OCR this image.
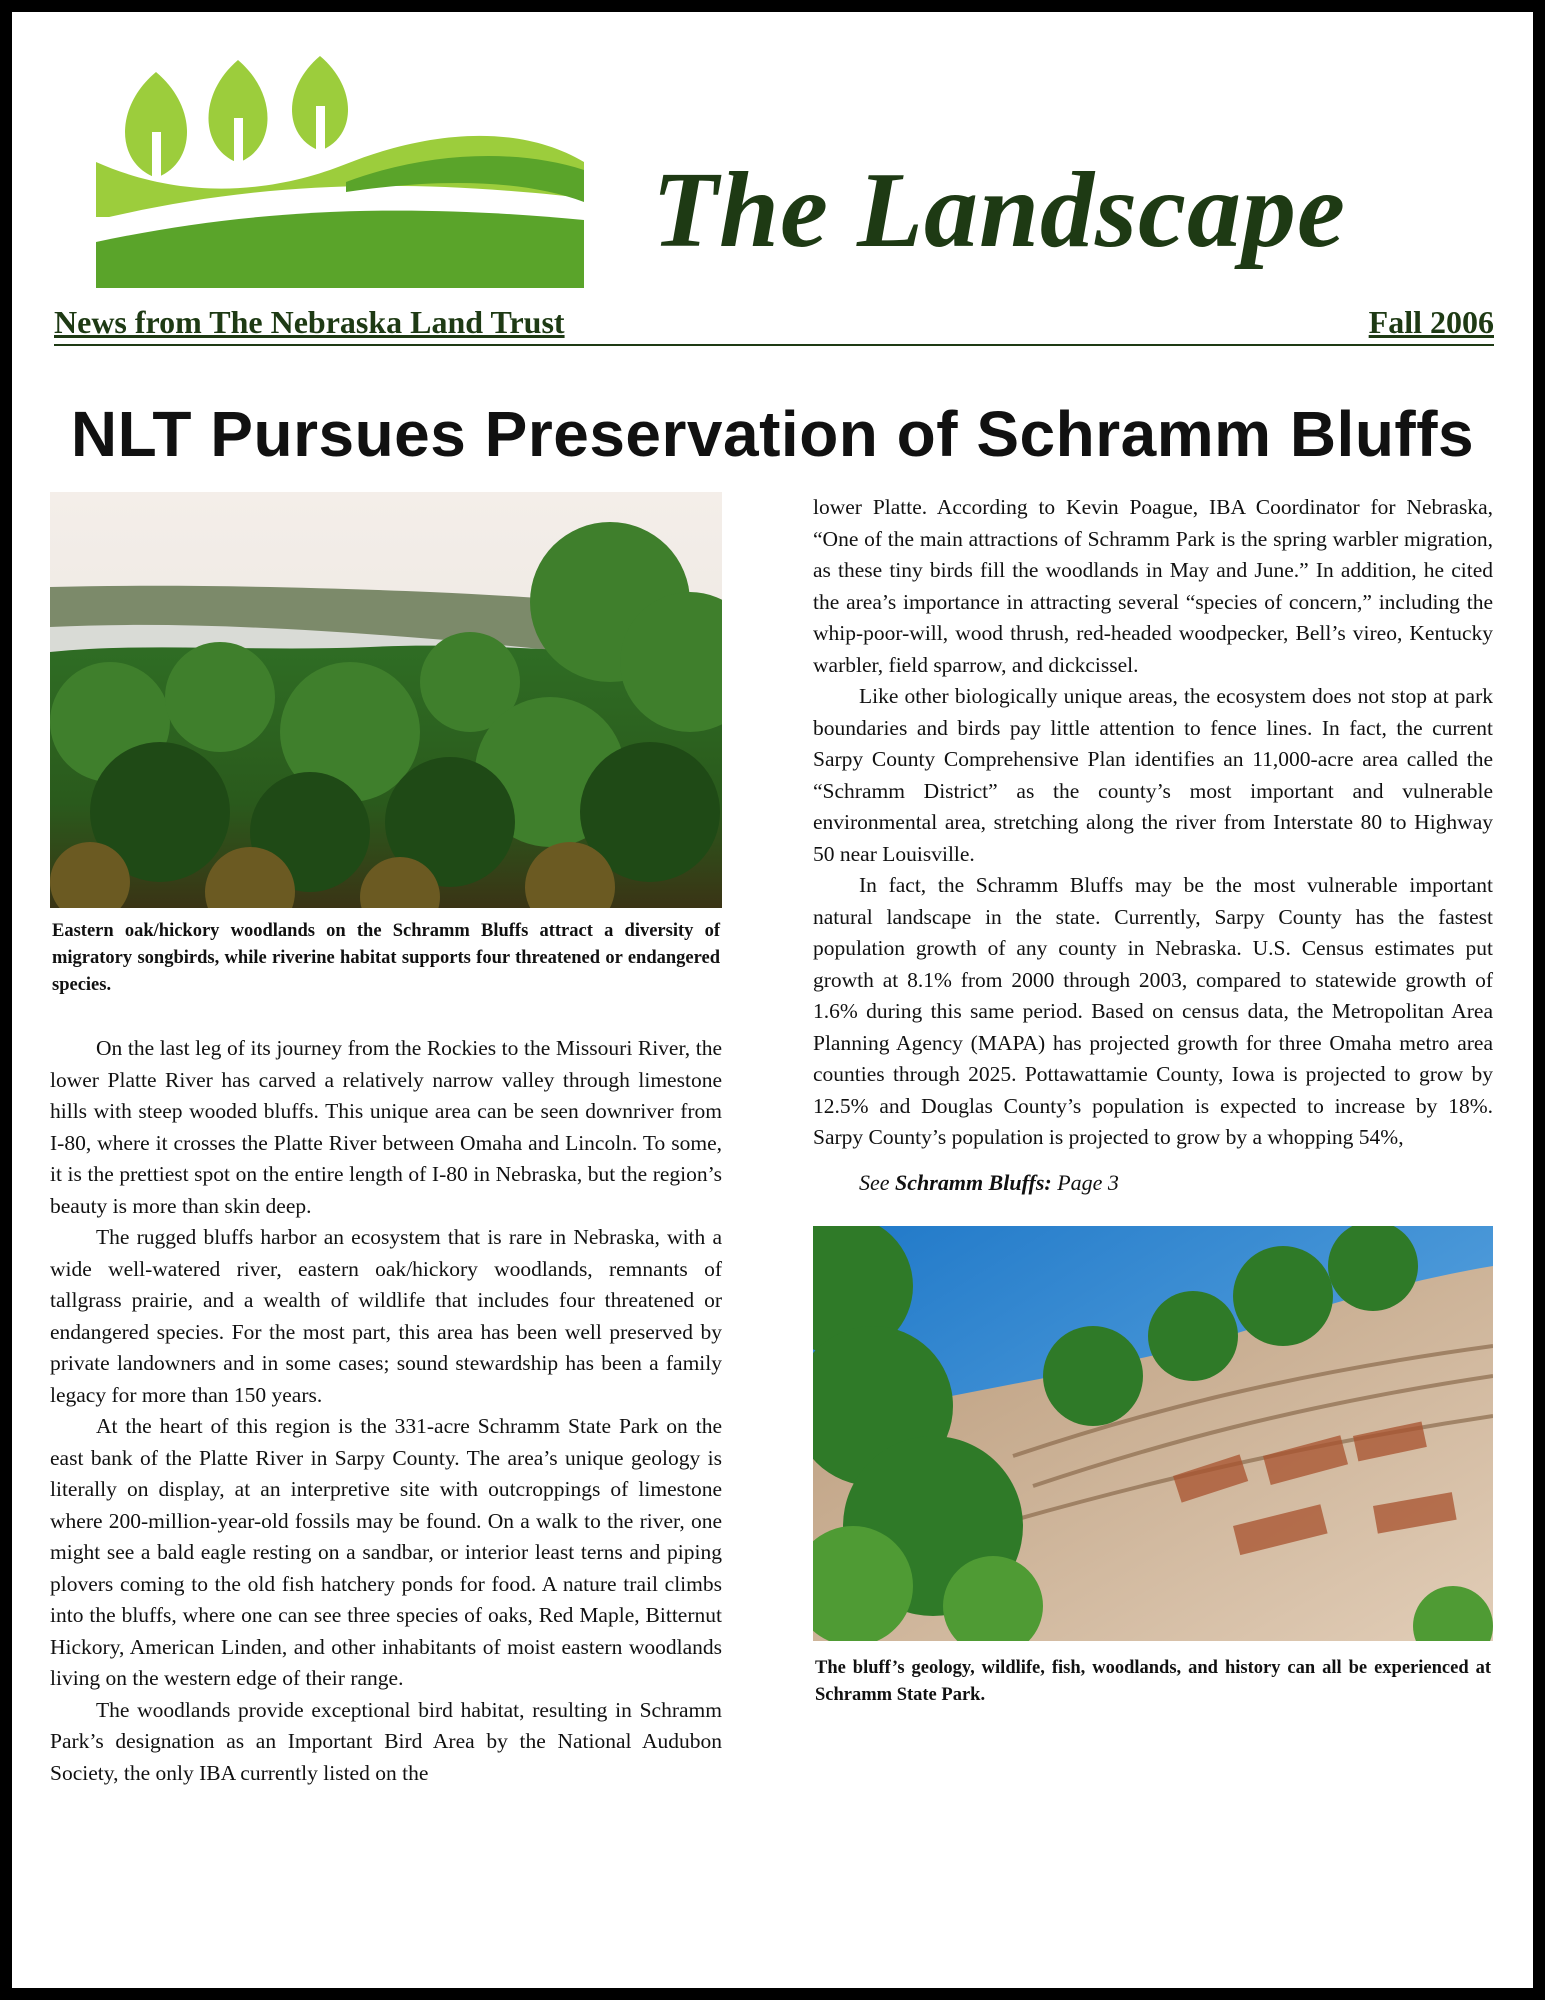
The Landscape
News from The Nebraska Land Trust	Fall 2006
NLT Pursues Preservation of Schramm Bluffs
Eastern oak/hickory woodlands on the Schramm Bluffs attract a diversity of migratory songbirds, while riverine habitat supports four threatened or endangered species.

On the last leg of its journey from the Rockies to the Missouri River, the lower Platte River has carved a relatively narrow valley through limestone hills with steep wooded bluffs. This unique area can be seen downriver from I-80, where it crosses the Platte River between Omaha and Lincoln. To some, it is the prettiest spot on the entire length of I-80 in Nebraska, but the region’s beauty is more than skin deep.

The rugged bluffs harbor an ecosystem that is rare in Nebraska, with a wide well-watered river, eastern oak/hickory woodlands, remnants of tallgrass prairie, and a wealth of wildlife that includes four threatened or endangered species. For the most part, this area has been well preserved by private landowners and in some cases; sound stewardship has been a family legacy for more than 150 years.

At the heart of this region is the 331-acre Schramm State Park on the east bank of the Platte River in Sarpy County. The area’s unique geology is literally on display, at an interpretive site with outcroppings of limestone where 200-million-year-old fossils may be found. On a walk to the river, one might see a bald eagle resting on a sandbar, or interior least terns and piping plovers coming to the old fish hatchery ponds for food. A nature trail climbs into the bluffs, where one can see three species of oaks, Red Maple, Bitternut Hickory, American Linden, and other inhabitants of moist eastern woodlands living on the western edge of their range.

The woodlands provide exceptional bird habitat, resulting in Schramm Park’s designation as an Important Bird Area by the National Audubon Society, the only IBA currently listed on the

lower Platte. According to Kevin Poague, IBA Coordinator for Nebraska, “One of the main attractions of Schramm Park is the spring warbler migration, as these tiny birds fill the woodlands in May and June.” In addition, he cited the area’s importance in attracting several “species of concern,” including the whip-poor-will, wood thrush, red-headed woodpecker, Bell’s vireo, Kentucky warbler, field sparrow, and dickcissel.

Like other biologically unique areas, the ecosystem does not stop at park boundaries and birds pay little attention to fence lines. In fact, the current Sarpy County Comprehensive Plan identifies an 11,000-acre area called the “Schramm District” as the county’s most important and vulnerable environmental area, stretching along the river from Interstate 80 to Highway 50 near Louisville.

In fact, the Schramm Bluffs may be the most vulnerable important natural landscape in the state. Currently, Sarpy County has the fastest population growth of any county in Nebraska. U.S. Census estimates put growth at 8.1% from 2000 through 2003, compared to statewide growth of 1.6% during this same period. Based on census data, the Metropolitan Area Planning Agency (MAPA) has projected growth for three Omaha metro area counties through 2025. Pottawattamie County, Iowa is projected to grow by 12.5% and Douglas County’s population is expected to increase by 18%. Sarpy County’s population is projected to grow by a whopping 54%,

See Schramm Bluffs: Page 3
The bluff’s geology, wildlife, fish, woodlands, and history can all be experienced at Schramm State Park.
